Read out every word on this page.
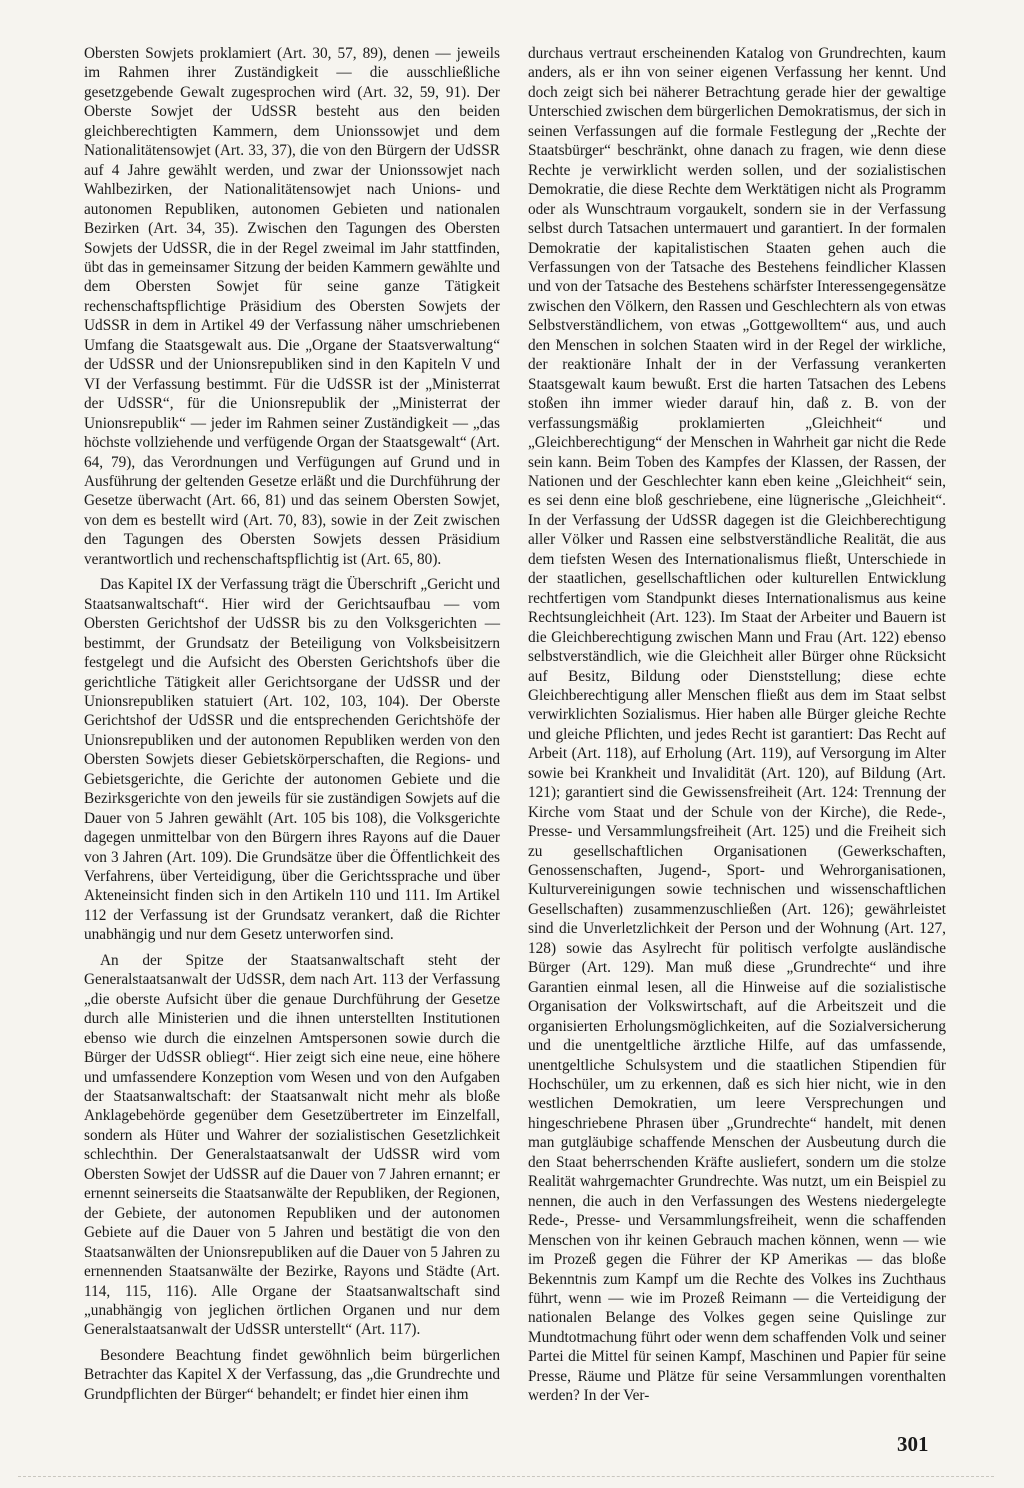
Obersten Sowjets proklamiert (Art. 30, 57, 89), denen — jeweils im Rahmen ihrer Zuständigkeit — die ausschließliche gesetzgebende Gewalt zugesprochen wird (Art. 32, 59, 91). Der Oberste Sowjet der UdSSR besteht aus den beiden gleichberechtigten Kammern, dem Unionssowjet und dem Nationalitätensowjet (Art. 33, 37), die von den Bürgern der UdSSR auf 4 Jahre gewählt werden, und zwar der Unionssowjet nach Wahlbezirken, der Nationalitätensowjet nach Unions- und autonomen Republiken, autonomen Gebieten und nationalen Bezirken (Art. 34, 35). Zwischen den Tagungen des Obersten Sowjets der UdSSR, die in der Regel zweimal im Jahr stattfinden, übt das in gemeinsamer Sitzung der beiden Kammern gewählte und dem Obersten Sowjet für seine ganze Tätigkeit rechenschaftspflichtige Präsidium des Obersten Sowjets der UdSSR in dem in Artikel 49 der Verfassung näher umschriebenen Umfang die Staatsgewalt aus. Die „Organe der Staatsverwaltung“ der UdSSR und der Unionsrepubliken sind in den Kapiteln V und VI der Verfassung bestimmt. Für die UdSSR ist der „Ministerrat der UdSSR“, für die Unionsrepublik der „Ministerrat der Unionsrepublik“ — jeder im Rahmen seiner Zuständigkeit — „das höchste vollziehende und verfügende Organ der Staatsgewalt“ (Art. 64, 79), das Verordnungen und Verfügungen auf Grund und in Ausführung der geltenden Gesetze erläßt und die Durchführung der Gesetze überwacht (Art. 66, 81) und das seinem Obersten Sowjet, von dem es bestellt wird (Art. 70, 83), sowie in der Zeit zwischen den Tagungen des Obersten Sowjets dessen Präsidium verantwortlich und rechenschaftspflichtig ist (Art. 65, 80).

Das Kapitel IX der Verfassung trägt die Überschrift „Gericht und Staatsanwaltschaft“. Hier wird der Gerichtsaufbau — vom Obersten Gerichtshof der UdSSR bis zu den Volksgerichten — bestimmt, der Grundsatz der Beteiligung von Volksbeisitzern festgelegt und die Aufsicht des Obersten Gerichtshofs über die gerichtliche Tätigkeit aller Gerichtsorgane der UdSSR und der Unionsrepubliken statuiert (Art. 102, 103, 104). Der Oberste Gerichtshof der UdSSR und die entsprechenden Gerichtshöfe der Unionsrepubliken und der autonomen Republiken werden von den Obersten Sowjets dieser Gebietskörperschaften, die Regions- und Gebietsgerichte, die Gerichte der autonomen Gebiete und die Bezirksgerichte von den jeweils für sie zuständigen Sowjets auf die Dauer von 5 Jahren gewählt (Art. 105 bis 108), die Volksgerichte dagegen unmittelbar von den Bürgern ihres Rayons auf die Dauer von 3 Jahren (Art. 109). Die Grundsätze über die Öffentlichkeit des Verfahrens, über Verteidigung, über die Gerichtssprache und über Akteneinsicht finden sich in den Artikeln 110 und 111. Im Artikel 112 der Verfassung ist der Grundsatz verankert, daß die Richter unabhängig und nur dem Gesetz unterworfen sind.

An der Spitze der Staatsanwaltschaft steht der Generalstaatsanwalt der UdSSR, dem nach Art. 113 der Verfassung „die oberste Aufsicht über die genaue Durchführung der Gesetze durch alle Ministerien und die ihnen unterstellten Institutionen ebenso wie durch die einzelnen Amtspersonen sowie durch die Bürger der UdSSR obliegt“. Hier zeigt sich eine neue, eine höhere und umfassendere Konzeption vom Wesen und von den Aufgaben der Staatsanwaltschaft: der Staatsanwalt nicht mehr als bloße Anklagebehörde gegenüber dem Gesetzübertreter im Einzelfall, sondern als Hüter und Wahrer der sozialistischen Gesetzlichkeit schlechthin. Der Generalstaatsanwalt der UdSSR wird vom Obersten Sowjet der UdSSR auf die Dauer von 7 Jahren ernannt; er ernennt seinerseits die Staatsanwälte der Republiken, der Regionen, der Gebiete, der autonomen Republiken und der autonomen Gebiete auf die Dauer von 5 Jahren und bestätigt die von den Staatsanwälten der Unionsrepubliken auf die Dauer von 5 Jahren zu ernennenden Staatsanwälte der Bezirke, Rayons und Städte (Art. 114, 115, 116). Alle Organe der Staatsanwaltschaft sind „unabhängig von jeglichen örtlichen Organen und nur dem Generalstaatsanwalt der UdSSR unterstellt“ (Art. 117).

Besondere Beachtung findet gewöhnlich beim bürgerlichen Betrachter das Kapitel X der Verfassung, das „die Grundrechte und Grundpflichten der Bürger“ behandelt; er findet hier einen ihm

durchaus vertraut erscheinenden Katalog von Grundrechten, kaum anders, als er ihn von seiner eigenen Verfassung her kennt. Und doch zeigt sich bei näherer Betrachtung gerade hier der gewaltige Unterschied zwischen dem bürgerlichen Demokratismus, der sich in seinen Verfassungen auf die formale Festlegung der „Rechte der Staatsbürger“ beschränkt, ohne danach zu fragen, wie denn diese Rechte je verwirklicht werden sollen, und der sozialistischen Demokratie, die diese Rechte dem Werktätigen nicht als Programm oder als Wunschtraum vorgaukelt, sondern sie in der Verfassung selbst durch Tatsachen untermauert und garantiert. In der formalen Demokratie der kapitalistischen Staaten gehen auch die Verfassungen von der Tatsache des Bestehens feindlicher Klassen und von der Tatsache des Bestehens schärfster Interessengegensätze zwischen den Völkern, den Rassen und Geschlechtern als von etwas Selbstverständlichem, von etwas „Gottgewolltem“ aus, und auch den Menschen in solchen Staaten wird in der Regel der wirkliche, der reaktionäre Inhalt der in der Verfassung verankerten Staatsgewalt kaum bewußt. Erst die harten Tatsachen des Lebens stoßen ihn immer wieder darauf hin, daß z. B. von der verfassungsmäßig proklamierten „Gleichheit“ und „Gleichberechtigung“ der Menschen in Wahrheit gar nicht die Rede sein kann. Beim Toben des Kampfes der Klassen, der Rassen, der Nationen und der Geschlechter kann eben keine „Gleichheit“ sein, es sei denn eine bloß geschriebene, eine lügnerische „Gleichheit“. In der Verfassung der UdSSR dagegen ist die Gleichberechtigung aller Völker und Rassen eine selbstverständliche Realität, die aus dem tiefsten Wesen des Internationalismus fließt, Unterschiede in der staatlichen, gesellschaftlichen oder kulturellen Entwicklung rechtfertigen vom Standpunkt dieses Internationalismus aus keine Rechtsungleichheit (Art. 123). Im Staat der Arbeiter und Bauern ist die Gleichberechtigung zwischen Mann und Frau (Art. 122) ebenso selbstverständlich, wie die Gleichheit aller Bürger ohne Rücksicht auf Besitz, Bildung oder Dienststellung; diese echte Gleichberechtigung aller Menschen fließt aus dem im Staat selbst verwirklichten Sozialismus. Hier haben alle Bürger gleiche Rechte und gleiche Pflichten, und jedes Recht ist garantiert: Das Recht auf Arbeit (Art. 118), auf Erholung (Art. 119), auf Versorgung im Alter sowie bei Krankheit und Invalidität (Art. 120), auf Bildung (Art. 121); garantiert sind die Gewissensfreiheit (Art. 124: Trennung der Kirche vom Staat und der Schule von der Kirche), die Rede-, Presse- und Versammlungsfreiheit (Art. 125) und die Freiheit sich zu gesellschaftlichen Organisationen (Gewerkschaften, Genossenschaften, Jugend-, Sport- und Wehrorganisationen, Kulturvereinigungen sowie technischen und wissenschaftlichen Gesellschaften) zusammenzuschließen (Art. 126); gewährleistet sind die Unverletzlichkeit der Person und der Wohnung (Art. 127, 128) sowie das Asylrecht für politisch verfolgte ausländische Bürger (Art. 129). Man muß diese „Grundrechte“ und ihre Garantien einmal lesen, all die Hinweise auf die sozialistische Organisation der Volkswirtschaft, auf die Arbeitszeit und die organisierten Erholungsmöglichkeiten, auf die Sozialversicherung und die unentgeltliche ärztliche Hilfe, auf das umfassende, unentgeltliche Schulsystem und die staatlichen Stipendien für Hochschüler, um zu erkennen, daß es sich hier nicht, wie in den westlichen Demokratien, um leere Versprechungen und hingeschriebene Phrasen über „Grundrechte“ handelt, mit denen man gutgläubige schaffende Menschen der Ausbeutung durch die den Staat beherrschenden Kräfte ausliefert, sondern um die stolze Realität wahrgemachter Grundrechte. Was nutzt, um ein Beispiel zu nennen, die auch in den Verfassungen des Westens niedergelegte Rede-, Presse- und Versammlungsfreiheit, wenn die schaffenden Menschen von ihr keinen Gebrauch machen können, wenn — wie im Prozeß gegen die Führer der KP Amerikas — das bloße Bekenntnis zum Kampf um die Rechte des Volkes ins Zuchthaus führt, wenn — wie im Prozeß Reimann — die Verteidigung der nationalen Belange des Volkes gegen seine Quislinge zur Mundtotmachung führt oder wenn dem schaffenden Volk und seiner Partei die Mittel für seinen Kampf, Maschinen und Papier für seine Presse, Räume und Plätze für seine Versammlungen vorenthalten werden? In der Ver-

301
